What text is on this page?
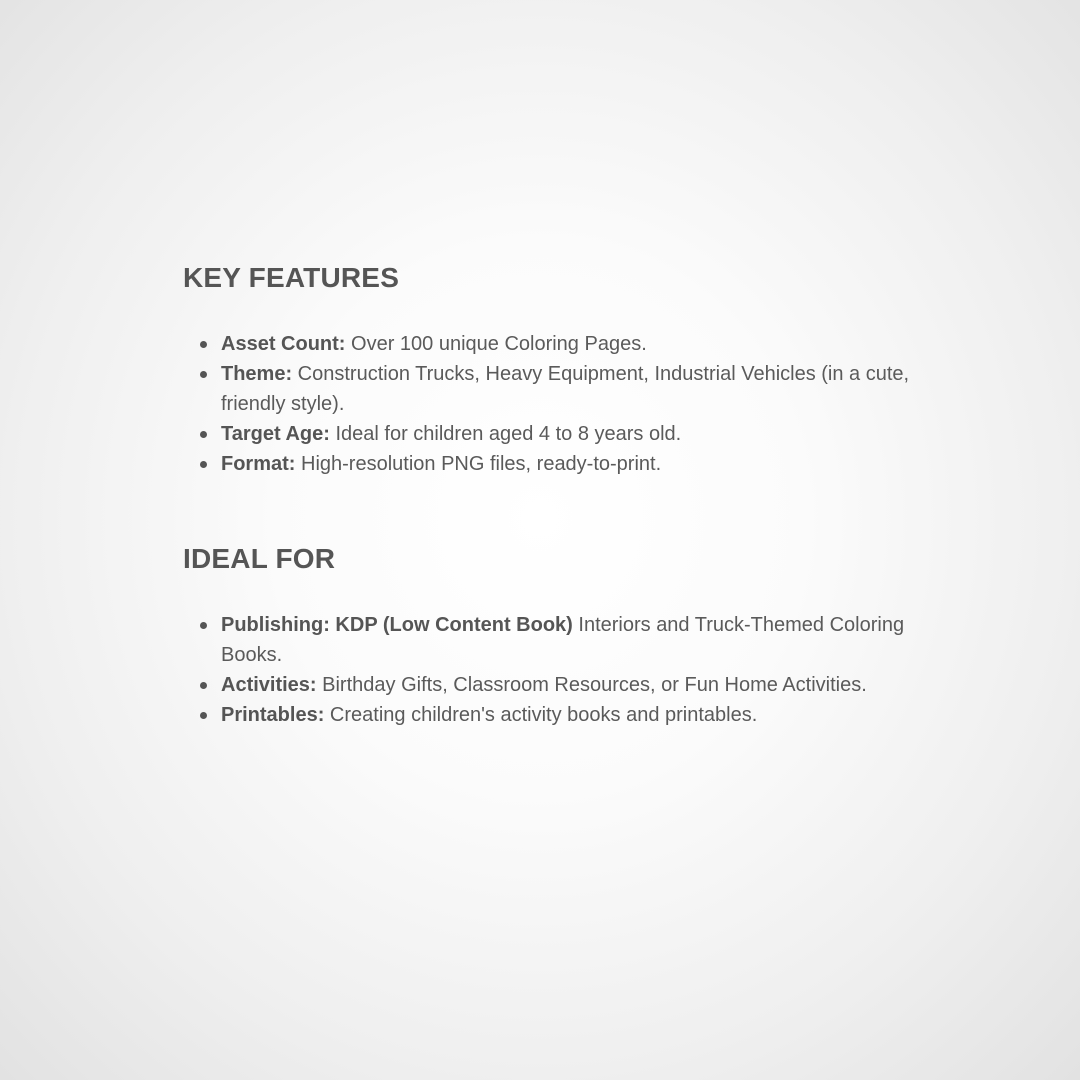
KEY FEATURES
Asset Count: Over 100 unique Coloring Pages.
Theme: Construction Trucks, Heavy Equipment, Industrial Vehicles (in a cute, friendly style).
Target Age: Ideal for children aged 4 to 8 years old.
Format: High-resolution PNG files, ready-to-print.
IDEAL FOR
Publishing: KDP (Low Content Book) Interiors and Truck-Themed Coloring Books.
Activities: Birthday Gifts, Classroom Resources, or Fun Home Activities.
Printables: Creating children's activity books and printables.
